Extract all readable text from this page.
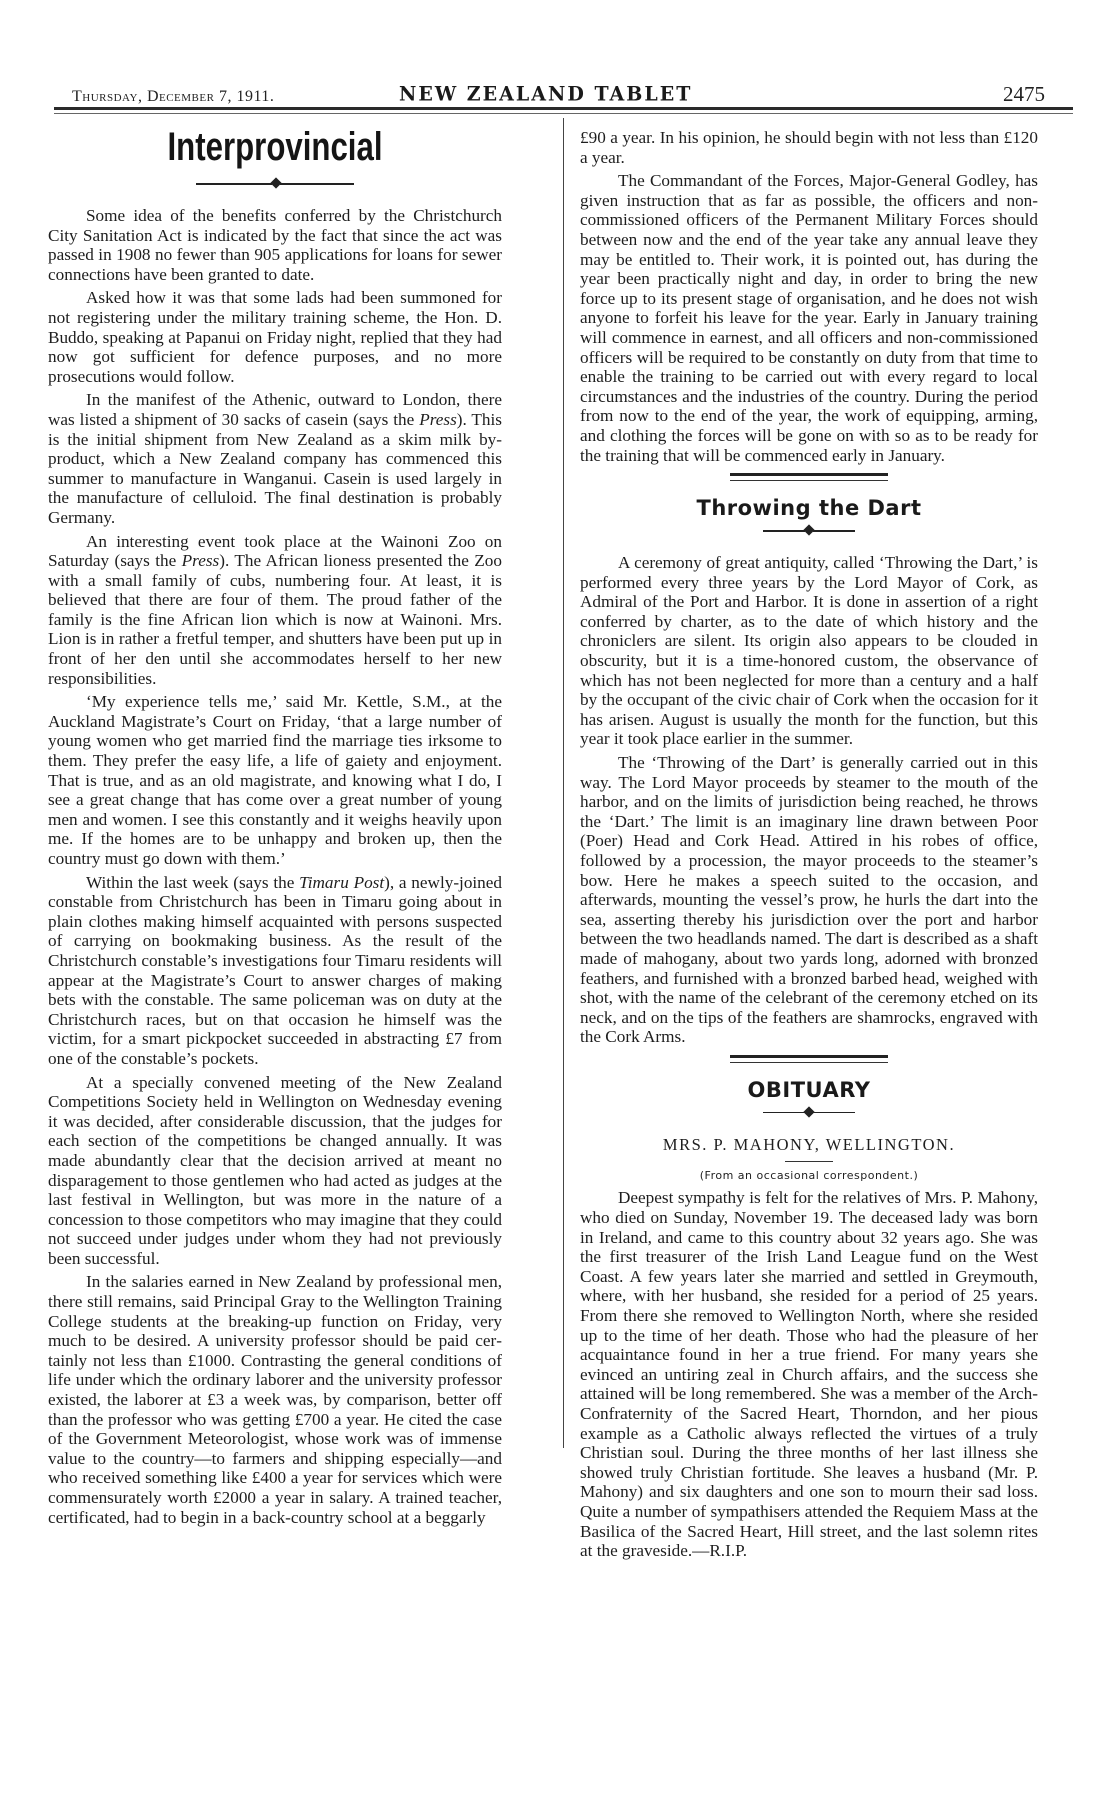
Thursday, December 7, 1911.	NEW ZEALAND TABLET	2475
Interprovincial

Some idea of the benefits conferred by the Christchurch City Sanitation Act is indicated by the fact that since the act was passed in 1908 no fewer than 905 applications for loans for sewer connections have been granted to date.

Asked how it was that some lads had been summoned for not registering under the military training scheme, the Hon. D. Buddo, speaking at Papanui on Friday night, replied that they had now got sufficient for defence purposes, and no more prosecutions would follow.

In the manifest of the Athenic, outward to London, there was listed a shipment of 30 sacks of casein (says the Press). This is the initial shipment from New Zealand as a skim milk by-product, which a New Zealand company has commenced this summer to manufacture in Wanganui. Casein is used largely in the manufacture of celluloid. The final destination is probably Germany.

An interesting event took place at the Wainoni Zoo on Saturday (says the Press). The African lioness presented the Zoo with a small family of cubs, numbering four. At least, it is believed that there are four of them. The proud father of the family is the fine African lion which is now at Wainoni. Mrs. Lion is in rather a fretful temper, and shutters have been put up in front of her den until she accommodates herself to her new responsibilities.

‘My experience tells me,’ said Mr. Kettle, S.M., at the Auckland Magistrate’s Court on Friday, ‘that a large number of young women who get married find the marriage ties irksome to them. They prefer the easy life, a life of gaiety and enjoyment. That is true, and as an old magistrate, and knowing what I do, I see a great change that has come over a great number of young men and women. I see this constantly and it weighs heavily upon me. If the homes are to be unhappy and broken up, then the country must go down with them.’

Within the last week (says the Timaru Post), a newly-joined constable from Christchurch has been in Timaru going about in plain clothes making himself acquainted with persons suspected of carrying on bookmaking business. As the result of the Christchurch constable’s investigations four Timaru residents will appear at the Magistrate’s Court to answer charges of making bets with the constable. The same policeman was on duty at the Christchurch races, but on that occasion he himself was the victim, for a smart pickpocket succeeded in abstracting £7 from one of the constable’s pockets.

At a specially convened meeting of the New Zealand Competitions Society held in Wellington on Wednesday evening it was decided, after considerable discussion, that the judges for each section of the competitions be changed annually. It was made abundantly clear that the decision arrived at meant no disparagement to those gentlemen who had acted as judges at the last festival in Wellington, but was more in the nature of a concession to those competitors who may imagine that they could not succeed under judges under whom they had not previously been successful.

In the salaries earned in New Zealand by professional men, there still remains, said Principal Gray to the Wellington Training College students at the breaking-up function on Friday, very much to be desired. A university professor should be paid certainly not less than £1000. Contrasting the general conditions of life under which the ordinary laborer and the university professor existed, the laborer at £3 a week was, by comparison, better off than the professor who was getting £700 a year. He cited the case of the Government Meteorologist, whose work was of immense value to the country—to farmers and shipping especially—and who received something like £400 a year for services which were commensurately worth £2000 a year in salary. A trained teacher, certificated, had to begin in a back-country school at a beggarly

£90 a year. In his opinion, he should begin with not less than £120 a year.

The Commandant of the Forces, Major-General Godley, has given instruction that as far as possible, the officers and non-commissioned officers of the Permanent Military Forces should between now and the end of the year take any annual leave they may be entitled to. Their work, it is pointed out, has during the year been practically night and day, in order to bring the new force up to its present stage of organisation, and he does not wish anyone to forfeit his leave for the year. Early in January training will commence in earnest, and all officers and non-commissioned officers will be required to be constantly on duty from that time to enable the training to be carried out with every regard to local circumstances and the industries of the country. During the period from now to the end of the year, the work of equipping, arming, and clothing the forces will be gone on with so as to be ready for the training that will be commenced early in January.

Throwing the Dart

A ceremony of great antiquity, called ‘Throwing the Dart,’ is performed every three years by the Lord Mayor of Cork, as Admiral of the Port and Harbor. It is done in assertion of a right conferred by charter, as to the date of which history and the chroniclers are silent. Its origin also appears to be clouded in obscurity, but it is a time-honored custom, the observance of which has not been neglected for more than a century and a half by the occupant of the civic chair of Cork when the occasion for it has arisen. August is usually the month for the function, but this year it took place earlier in the summer.

The ‘Throwing of the Dart’ is generally carried out in this way. The Lord Mayor proceeds by steamer to the mouth of the harbor, and on the limits of jurisdiction being reached, he throws the ‘Dart.’ The limit is an imaginary line drawn between Poor (Poer) Head and Cork Head. Attired in his robes of office, followed by a procession, the mayor proceeds to the steamer’s bow. Here he makes a speech suited to the occasion, and afterwards, mounting the vessel’s prow, he hurls the dart into the sea, asserting thereby his jurisdiction over the port and harbor between the two headlands named. The dart is described as a shaft made of mahogany, about two yards long, adorned with bronzed feathers, and furnished with a bronzed barbed head, weighed with shot, with the name of the celebrant of the ceremony etched on its neck, and on the tips of the feathers are shamrocks, engraved with the Cork Arms.

OBITUARY
MRS. P. MAHONY, WELLINGTON.
(From an occasional correspondent.)

Deepest sympathy is felt for the relatives of Mrs. P. Mahony, who died on Sunday, November 19. The deceased lady was born in Ireland, and came to this country about 32 years ago. She was the first treasurer of the Irish Land League fund on the West Coast. A few years later she married and settled in Greymouth, where, with her husband, she resided for a period of 25 years. From there she removed to Wellington North, where she resided up to the time of her death. Those who had the pleasure of her acquaintance found in her a true friend. For many years she evinced an untiring zeal in Church affairs, and the success she attained will be long remembered. She was a member of the Arch-Confraternity of the Sacred Heart, Thorndon, and her pious example as a Catholic always reflected the virtues of a truly Christian soul. During the three months of her last illness she showed truly Christian fortitude. She leaves a husband (Mr. P. Mahony) and six daughters and one son to mourn their sad loss. Quite a number of sympathisers attended the Requiem Mass at the Basilica of the Sacred Heart, Hill street, and the last solemn rites at the graveside.—R.I.P.
